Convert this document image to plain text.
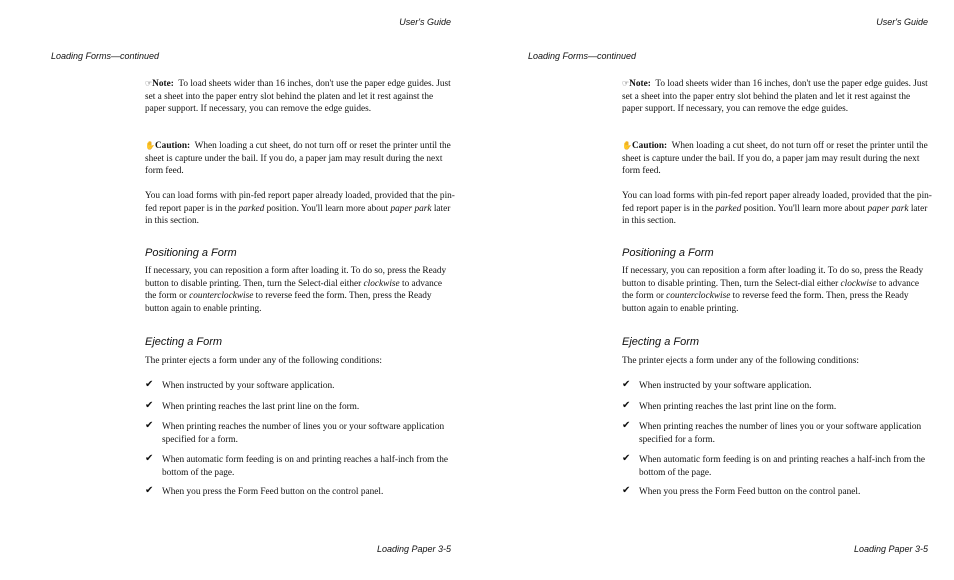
User's Guide
Loading Forms—continued

☞Note: To load sheets wider than 16 inches, don't use the paper edge guides. Just set a sheet into the paper entry slot behind the platen and let it rest against the paper support. If necessary, you can remove the edge guides.

✋Caution: When loading a cut sheet, do not turn off or reset the printer until the sheet is capture under the bail. If you do, a paper jam may result during the next form feed.

You can load forms with pin-fed report paper already loaded, provided that the pin-fed report paper is in the parked position. You'll learn more about paper park later in this section.

Positioning a Form

If necessary, you can reposition a form after loading it. To do so, press the Ready button to disable printing. Then, turn the Select-dial either clockwise to advance the form or counterclockwise to reverse feed the form. Then, press the Ready button again to enable printing.

Ejecting a Form

The printer ejects a form under any of the following conditions:

✔ When instructed by your software application.

✔ When printing reaches the last print line on the form.

✔ When printing reaches the number of lines you or your software application specified for a form.

✔ When automatic form feeding is on and printing reaches a half-inch from the bottom of the page.

✔ When you press the Form Feed button on the control panel.

Loading Paper 3-5
User's Guide
Loading Forms—continued

☞Note: To load sheets wider than 16 inches, don't use the paper edge guides. Just set a sheet into the paper entry slot behind the platen and let it rest against the paper support. If necessary, you can remove the edge guides.

✋Caution: When loading a cut sheet, do not turn off or reset the printer until the sheet is capture under the bail. If you do, a paper jam may result during the next form feed.

You can load forms with pin-fed report paper already loaded, provided that the pin-fed report paper is in the parked position. You'll learn more about paper park later in this section.

Positioning a Form

If necessary, you can reposition a form after loading it. To do so, press the Ready button to disable printing. Then, turn the Select-dial either clockwise to advance the form or counterclockwise to reverse feed the form. Then, press the Ready button again to enable printing.

Ejecting a Form

The printer ejects a form under any of the following conditions:

✔ When instructed by your software application.

✔ When printing reaches the last print line on the form.

✔ When printing reaches the number of lines you or your software application specified for a form.

✔ When automatic form feeding is on and printing reaches a half-inch from the bottom of the page.

✔ When you press the Form Feed button on the control panel.

Loading Paper 3-5
